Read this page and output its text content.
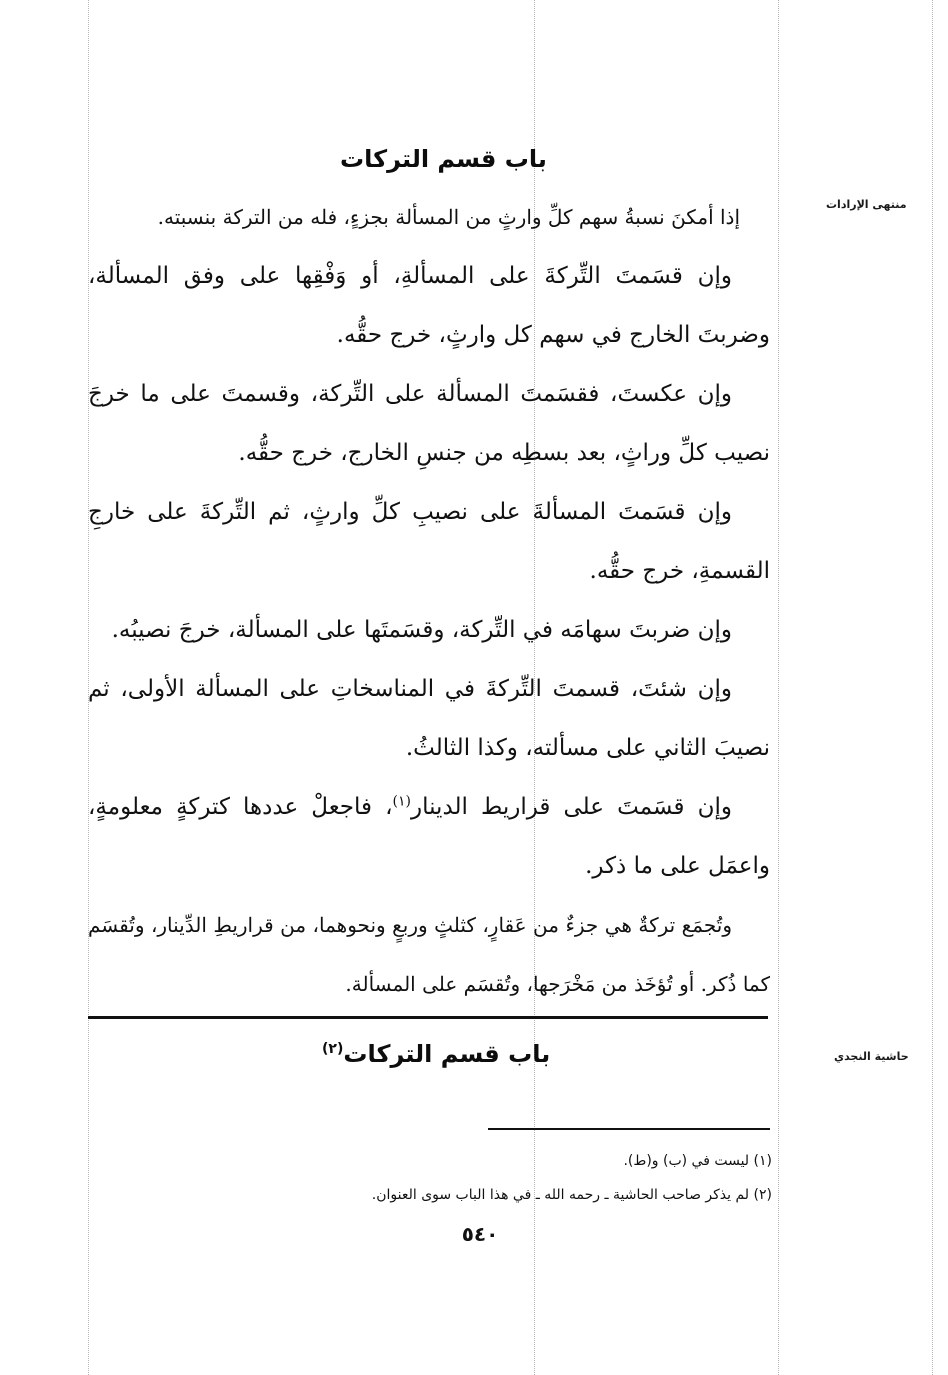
منتهى الإرادات
حاشية النجدي
باب قسم التركات

إذا أمكنَ نسبةُ سهم كلِّ وارثٍ من المسألة بجزءٍ، فله من التركة بنسبته.

وإن قسَمتَ التِّركةَ على المسألةِ، أو وَفْقِها على وفق المسألة، وضربتَ الخارج في سهم كل وارثٍ، خرج حقُّه.

وإن عكستَ، فقسَمتَ المسألة على التِّركة، وقسمتَ على ما خرجَ نصيب كلِّ وراثٍ، بعد بسطِه من جنسِ الخارج، خرج حقُّه.

وإن قسَمتَ المسألةَ على نصيبِ كلِّ وارثٍ، ثم التِّركةَ على خارجِ القسمةِ، خرج حقُّه.

وإن ضربتَ سهامَه في التِّركة، وقسَمتَها على المسألة، خرجَ نصيبُه.

وإن شئتَ، قسمتَ التِّركةَ في المناسخاتِ على المسألة الأولى، ثم نصيبَ الثاني على مسألته، وكذا الثالثُ.

وإن قسَمتَ على قراريط الدينار$^{(١)}$، فاجعلْ عددها كتركةٍ معلومةٍ، واعمَل على ما ذكر.

وتُجمَع تركةٌ هي جزءٌ من عَقارٍ، كثلثٍ وربعٍ ونحوهما، من قراريطِ الدِّينار، وتُقسَم كما ذُكر. أو تُؤخَذ من مَخْرَجها، وتُقسَم على المسألة.

باب قسم التركات$^{(٢)}$
(١) ليست في (ب) و(ط).
(٢) لم يذكر صاحب الحاشية ـ رحمه الله ـ في هذا الباب سوى العنوان.
٥٤٠
